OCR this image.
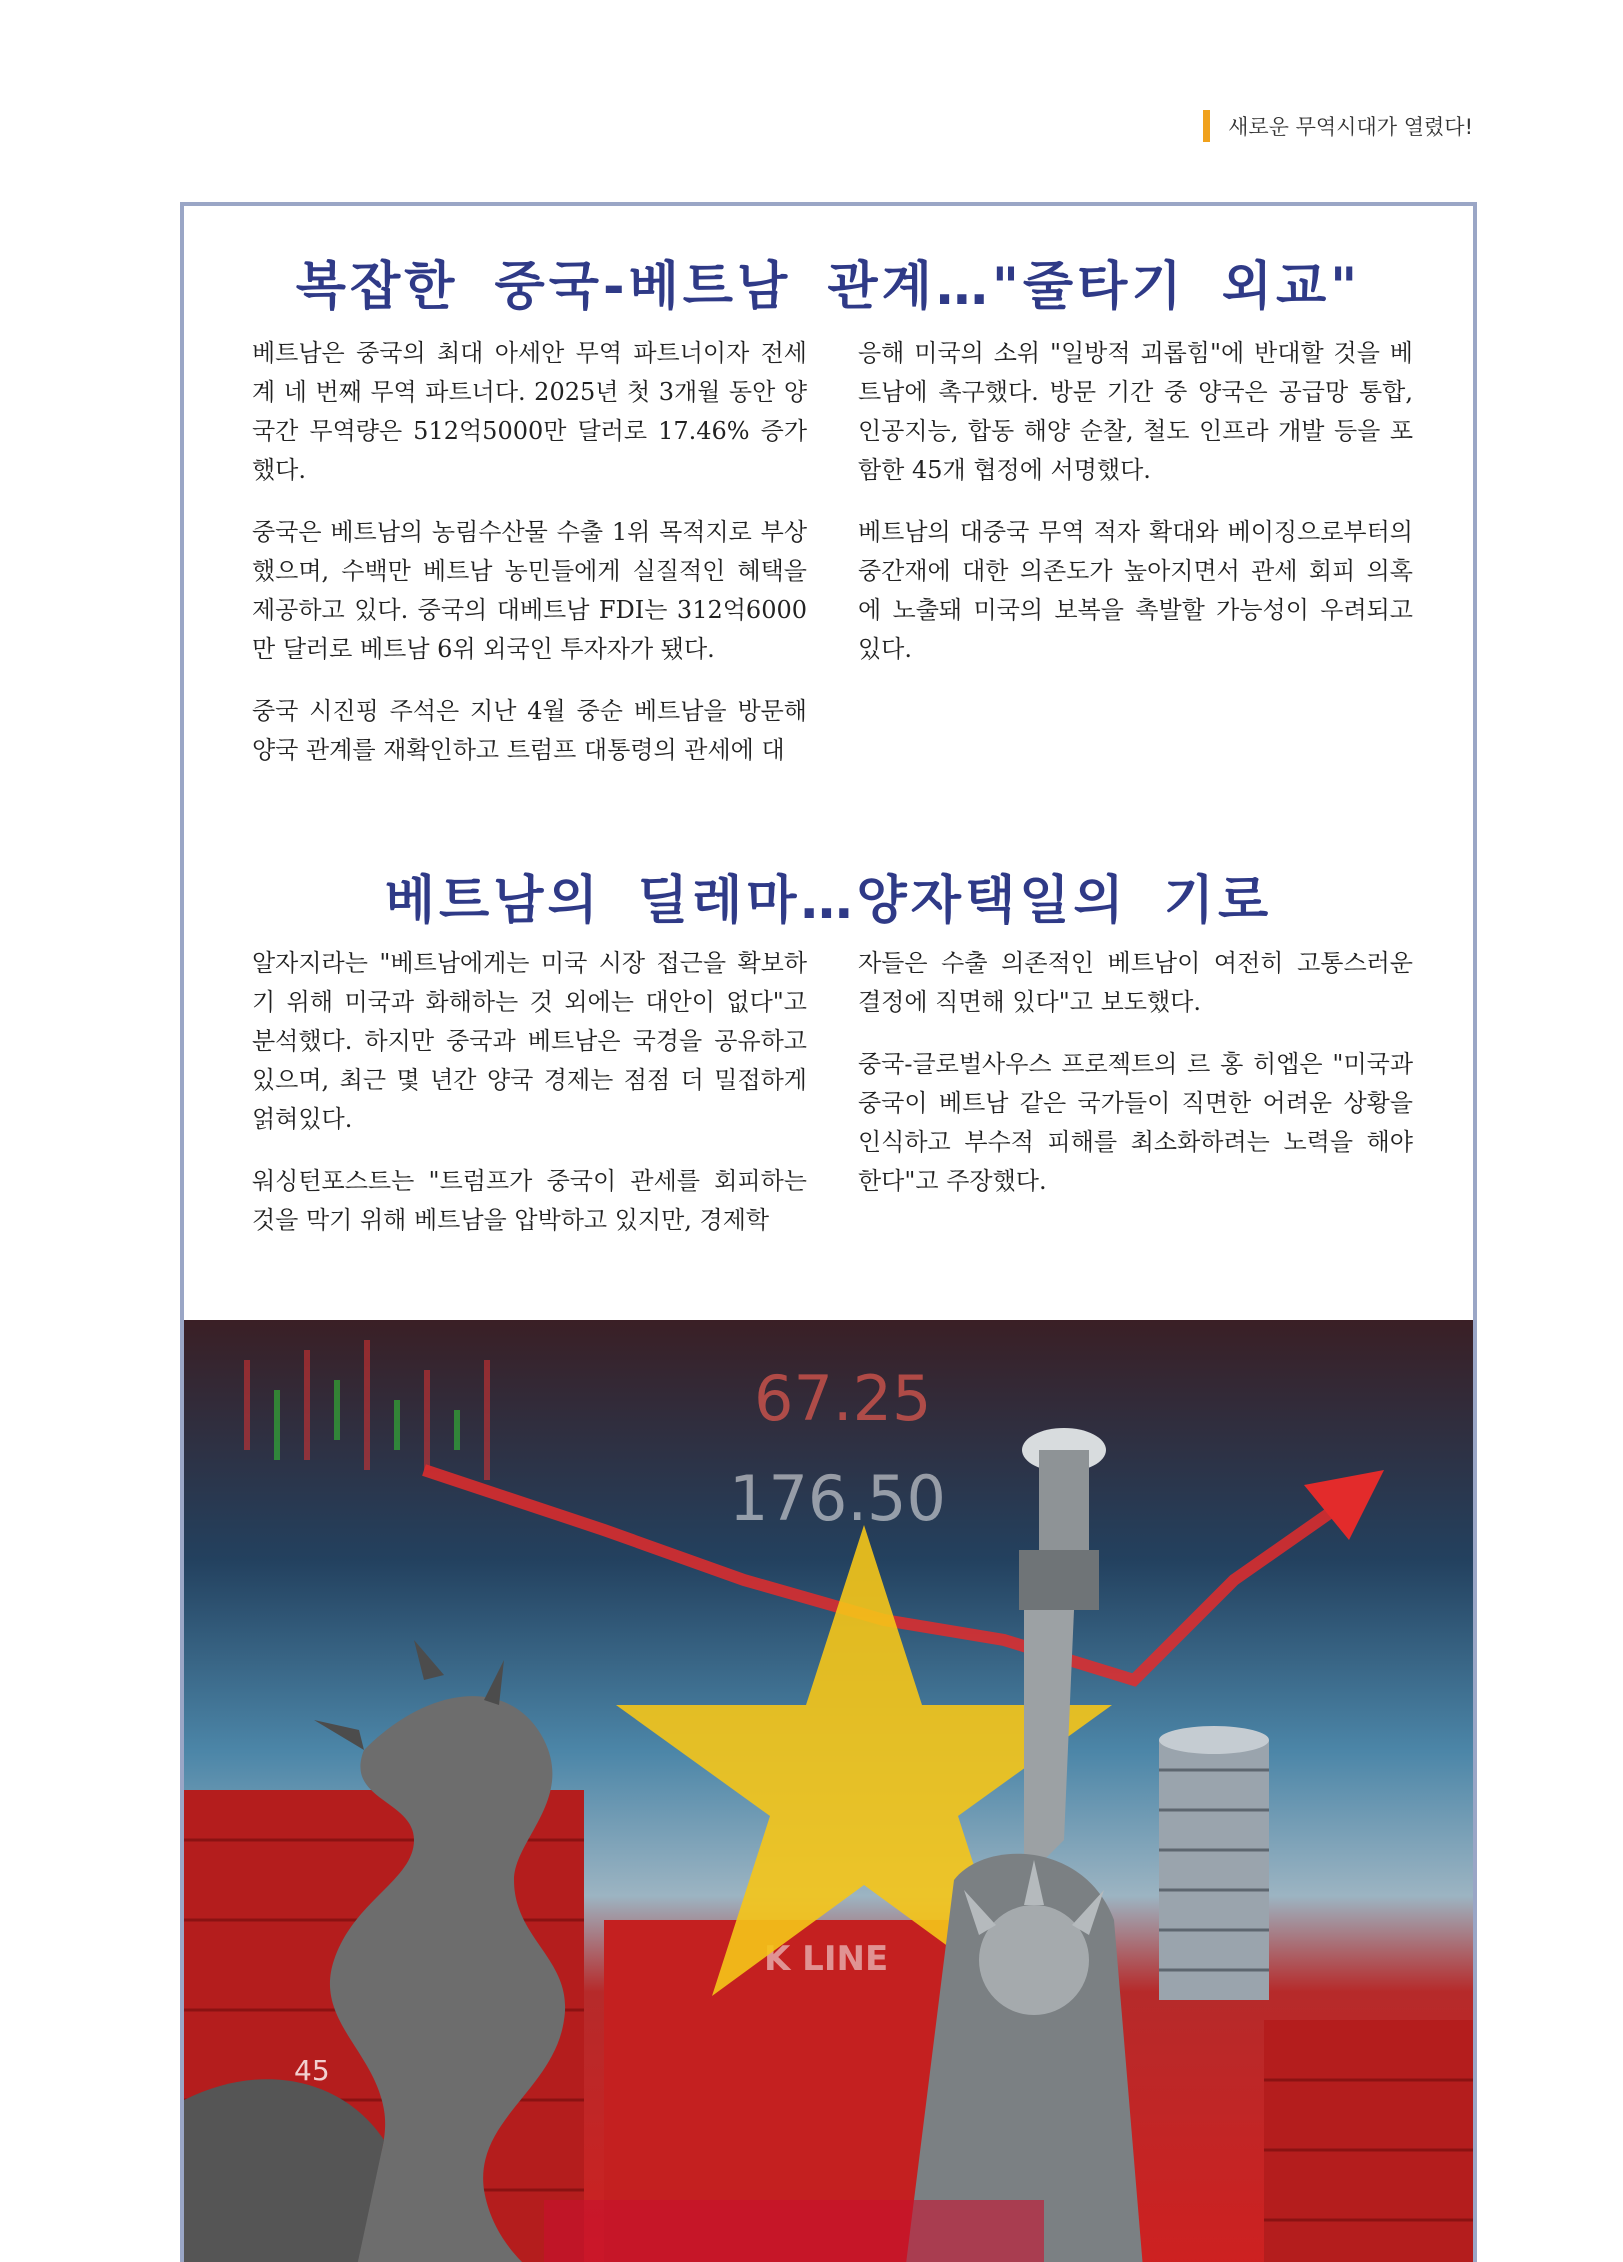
새로운 무역시대가 열렸다!
복잡한 중국-베트남 관계…"줄타기 외교"

베트남은 중국의 최대 아세안 무역 파트너이자 전세계 네 번째 무역 파트너다. 2025년 첫 3개월 동안 양국간 무역량은 512억5000만 달러로 17.46% 증가했다.

중국은 베트남의 농림수산물 수출 1위 목적지로 부상했으며, 수백만 베트남 농민들에게 실질적인 혜택을 제공하고 있다. 중국의 대베트남 FDI는 312억6000만 달러로 베트남 6위 외국인 투자자가 됐다.

중국 시진핑 주석은 지난 4월 중순 베트남을 방문해 양국 관계를 재확인하고 트럼프 대통령의 관세에 대

응해 미국의 소위 "일방적 괴롭힘"에 반대할 것을 베트남에 촉구했다. 방문 기간 중 양국은 공급망 통합, 인공지능, 합동 해양 순찰, 철도 인프라 개발 등을 포함한 45개 협정에 서명했다.

베트남의 대중국 무역 적자 확대와 베이징으로부터의 중간재에 대한 의존도가 높아지면서 관세 회피 의혹에 노출돼 미국의 보복을 촉발할 가능성이 우려되고 있다.

베트남의 딜레마…양자택일의 기로

알자지라는 "베트남에게는 미국 시장 접근을 확보하기 위해 미국과 화해하는 것 외에는 대안이 없다"고 분석했다. 하지만 중국과 베트남은 국경을 공유하고 있으며, 최근 몇 년간 양국 경제는 점점 더 밀접하게 얽혀있다.

워싱턴포스트는 "트럼프가 중국이 관세를 회피하는 것을 막기 위해 베트남을 압박하고 있지만, 경제학

자들은 수출 의존적인 베트남이 여전히 고통스러운 결정에 직면해 있다"고 보도했다.

중국-글로벌사우스 프로젝트의 르 홍 히엡은 "미국과 중국이 베트남 같은 국가들이 직면한 어려운 상황을 인식하고 부수적 피해를 최소화하려는 노력을 해야 한다"고 주장했다.

67.25
176.50
45
K LINE
